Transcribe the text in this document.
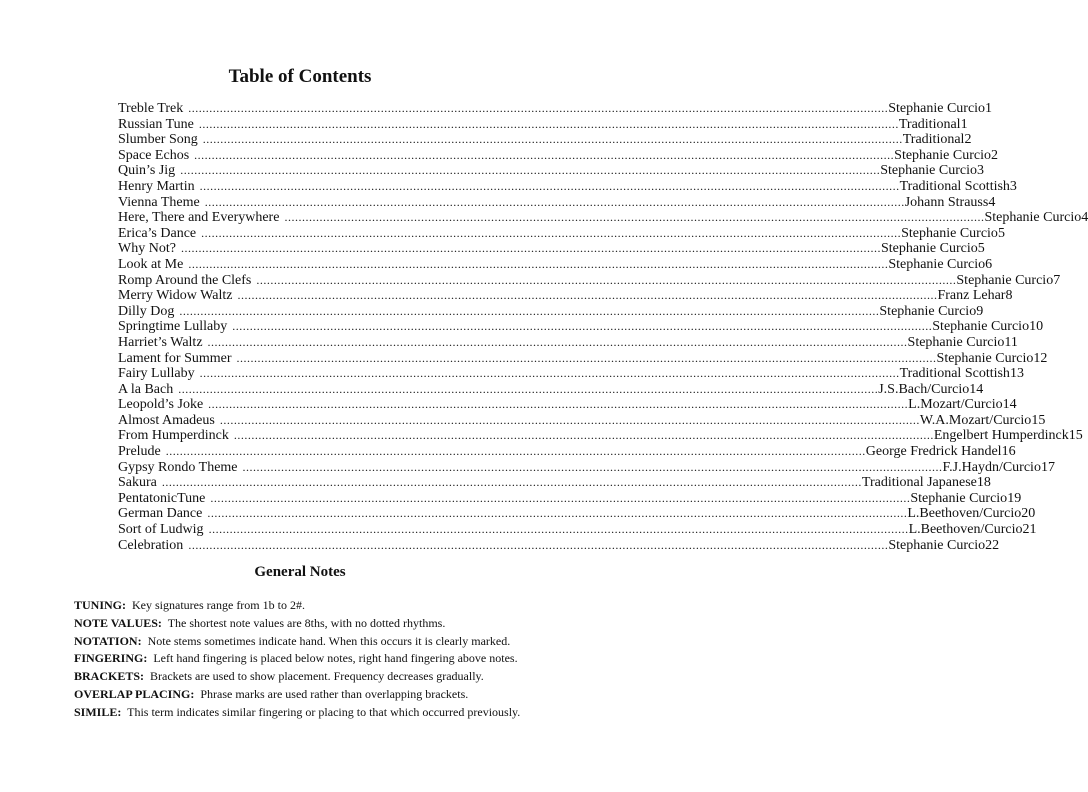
Table of Contents
Treble Trek ........................................................................................................................................................................................................ Stephanie Curcio 1
Russian Tune ........................................................................................................................................................................................................ Traditional 1
Slumber Song ........................................................................................................................................................................................................ Traditional 2
Space Echos ........................................................................................................................................................................................................ Stephanie Curcio 2
Quin’s Jig ........................................................................................................................................................................................................ Stephanie Curcio 3
Henry Martin ........................................................................................................................................................................................................ Traditional Scottish 3
Vienna Theme ........................................................................................................................................................................................................ Johann Strauss 4
Here, There and Everywhere ........................................................................................................................................................................................................ Stephanie Curcio 4
Erica’s Dance ........................................................................................................................................................................................................ Stephanie Curcio 5
Why Not? ........................................................................................................................................................................................................ Stephanie Curcio 5
Look at Me ........................................................................................................................................................................................................ Stephanie Curcio 6
Romp Around the Clefs ........................................................................................................................................................................................................ Stephanie Curcio 7
Merry Widow Waltz ........................................................................................................................................................................................................ Franz Lehar 8
Dilly Dog ........................................................................................................................................................................................................ Stephanie Curcio 9
Springtime Lullaby ........................................................................................................................................................................................................ Stephanie Curcio 10
Harriet’s Waltz ........................................................................................................................................................................................................ Stephanie Curcio 11
Lament for Summer ........................................................................................................................................................................................................ Stephanie Curcio 12
Fairy Lullaby ........................................................................................................................................................................................................ Traditional Scottish 13
A la Bach ........................................................................................................................................................................................................ J.S.Bach/Curcio 14
Leopold’s Joke ........................................................................................................................................................................................................ L.Mozart/Curcio 14
Almost Amadeus ........................................................................................................................................................................................................ W.A.Mozart/Curcio 15
From Humperdinck ........................................................................................................................................................................................................ Engelbert Humperdinck 15
Prelude ........................................................................................................................................................................................................ George Fredrick Handel 16
Gypsy Rondo Theme ........................................................................................................................................................................................................ F.J.Haydn/Curcio 17
Sakura ........................................................................................................................................................................................................ Traditional Japanese 18
PentatonicTune ........................................................................................................................................................................................................ Stephanie Curcio 19
German Dance ........................................................................................................................................................................................................ L.Beethoven/Curcio 20
Sort of Ludwig ........................................................................................................................................................................................................ L.Beethoven/Curcio 21
Celebration ........................................................................................................................................................................................................ Stephanie Curcio 22
General Notes
TUNING: Key signatures range from 1b to 2#.
NOTE VALUES: The shortest note values are 8ths, with no dotted rhythms.
NOTATION: Note stems sometimes indicate hand. When this occurs it is clearly marked.
FINGERING: Left hand fingering is placed below notes, right hand fingering above notes.
BRACKETS: Brackets are used to show placement. Frequency decreases gradually.
OVERLAP PLACING: Phrase marks are used rather than overlapping brackets.
SIMILE: This term indicates similar fingering or placing to that which occurred previously.
